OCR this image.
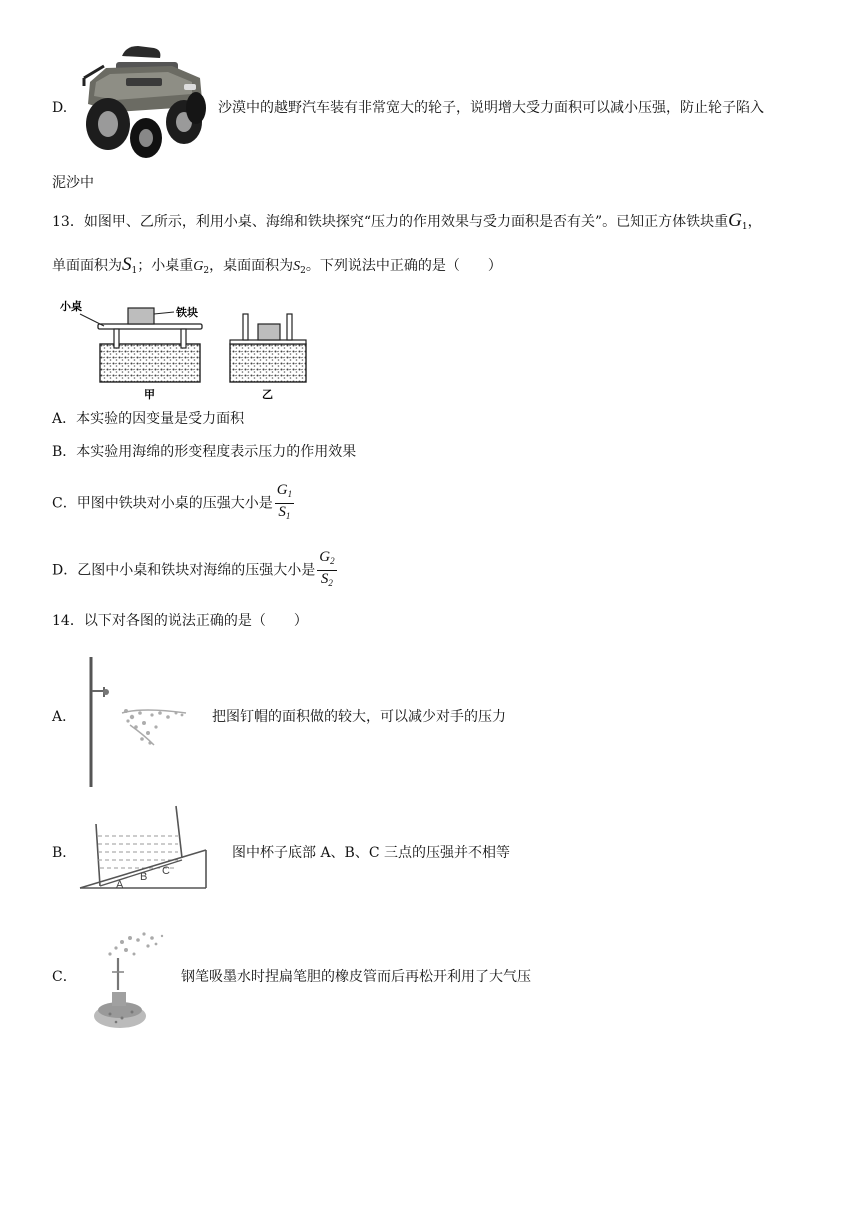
D.	沙漠中的越野汽车装有非常宽大的轮子，说明增大受力面积可以减小压强，防止轮子陷入
泥沙中
13．如图甲、乙所示，利用小桌、海绵和铁块探究“压力的作用效果与受力面积是否有关”。已知正方体铁块重$G_1$，
单面面积为$S_1$；小桌重$G_2$，桌面面积为$S_2$。下列说法中正确的是（　　）
小桌	铁块
甲	乙
A．本实验的因变量是受力面积
B．本实验用海绵的形变程度表示压力的作用效果
C．甲图中铁块对小桌的压强大小是 $\frac{G_1}{S_1}$
D．乙图中小桌和铁块对海绵的压强大小是 $\frac{G_2}{S_2}$
14．以下对各图的说法正确的是（　　）
A．	把图钉帽的面积做的较大，可以减少对手的压力
B．
A
B C
图中杯子底部 A、B、C 三点的压强并不相等
C．	钢笔吸墨水时捏扁笔胆的橡皮管而后再松开利用了大气压
